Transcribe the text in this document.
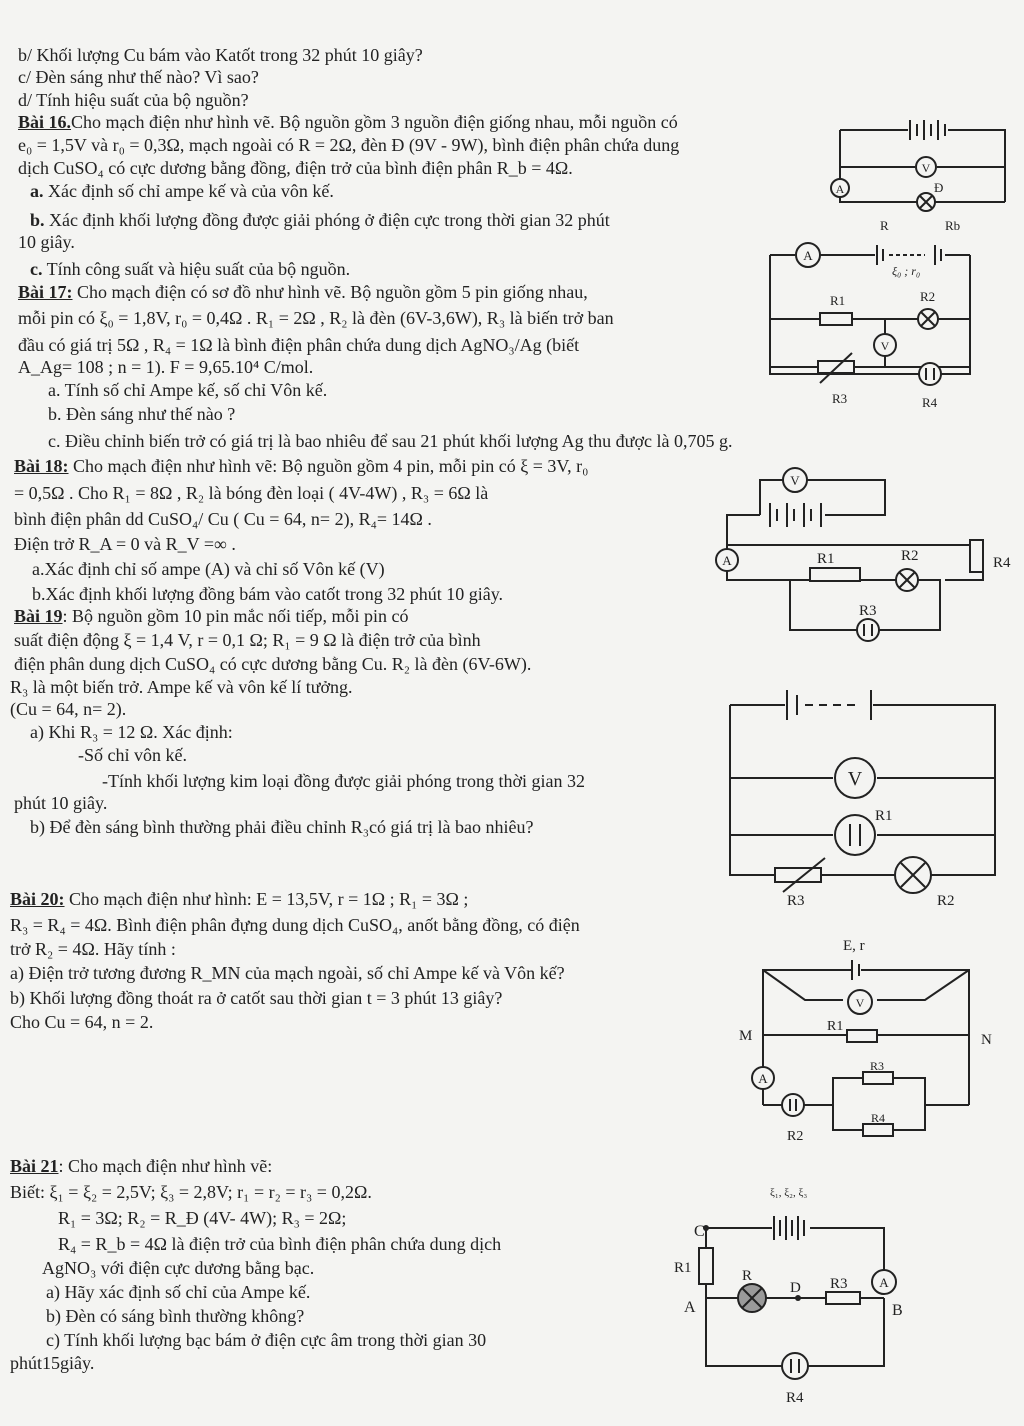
b/ Khối lượng Cu bám vào Katốt trong 32 phút 10 giây?
c/ Đèn sáng như thế nào? Vì sao?
d/ Tính hiệu suất của bộ nguồn?
Bài 16.Cho mạch điện như hình vẽ. Bộ nguồn gồm 3 nguồn điện giống nhau, mỗi nguồn có
e₀ = 1,5V và r₀ = 0,3Ω, mạch ngoài có R = 2Ω, đèn Đ (9V - 9W), bình điện phân chứa dung
dịch CuSO₄ có cực dương bằng đồng, điện trở của bình điện phân R_b = 4Ω.
a. Xác định số chỉ ampe kế và của vôn kế.
b. Xác định khối lượng đồng được giải phóng ở điện cực trong thời gian 32 phút
10 giây.
c. Tính công suất và hiệu suất của bộ nguồn.
V
A	Đ
R	Rb
Bài 17: Cho mạch điện có sơ đồ như hình vẽ. Bộ nguồn gồm 5 pin giống nhau,
mỗi pin có ξ₀ = 1,8V, r₀ = 0,4Ω . R₁ = 2Ω , R₂ là đèn (6V-3,6W), R₃ là biến trở ban
đầu có giá trị 5Ω , R₄ = 1Ω là bình điện phân chứa dung dịch AgNO₃/Ag (biết
A_Ag= 108 ; n = 1). F = 9,65.10⁴ C/mol.
a. Tính số chỉ Ampe kế, số chỉ Vôn kế.
b. Đèn sáng như thế nào ?
c. Điều chỉnh biến trở có giá trị là bao nhiêu để sau 21 phút khối lượng Ag thu được là 0,705 g.
A
ξ₀ ; r₀
R1	R2
V
R3	R4
Bài 18: Cho mạch điện như hình vẽ: Bộ nguồn gồm 4 pin, mỗi pin có ξ = 3V, r₀
= 0,5Ω . Cho R₁ = 8Ω , R₂ là bóng đèn loại ( 4V-4W) , R₃ = 6Ω là
bình điện phân dd CuSO₄/ Cu ( Cu = 64, n= 2), R₄= 14Ω .
Điện trở R_A = 0 và R_V =∞ .
a.Xác định chỉ số ampe (A) và chỉ số Vôn kế (V)
b.Xác định khối lượng đồng bám vào catốt trong 32 phút 10 giây.
V
A	R4
R1	R2
R3
Bài 19: Bộ nguồn gồm 10 pin mắc nối tiếp, mỗi pin có
suất điện động ξ = 1,4 V, r = 0,1 Ω; R₁ = 9 Ω là điện trở của bình
điện phân dung dịch CuSO₄ có cực dương bằng Cu. R₂ là đèn (6V-6W).
R₃ là một biến trở. Ampe kế và vôn kế lí tưởng.
(Cu = 64, n= 2).
a) Khi R₃ = 12 Ω. Xác định:
-Số chỉ vôn kế.
-Tính khối lượng kim loại đồng được giải phóng trong thời gian 32
phút 10 giây.
b) Để đèn sáng bình thường phải điều chỉnh R₃có giá trị là bao nhiêu?
V
R1
R3	R2
Bài 20: Cho mạch điện như hình: E = 13,5V, r = 1Ω ; R₁ = 3Ω ;
R₃ = R₄ = 4Ω. Bình điện phân đựng dung dịch CuSO₄, anốt bằng đồng, có điện
trở R₂ = 4Ω. Hãy tính :
a) Điện trở tương đương R_MN của mạch ngoài, số chỉ Ampe kế và Vôn kế?
b) Khối lượng đồng thoát ra ở catốt sau thời gian t = 3 phút 13 giây?
Cho Cu = 64, n = 2.
E, r
V
M	N
R1
A
R3
R4
R2
Bài 21: Cho mạch điện như hình vẽ:
Biết: ξ₁ = ξ₂ = 2,5V; ξ₃ = 2,8V; r₁ = r₂ = r₃ = 0,2Ω.
R₁ = 3Ω; R₂ = R_Đ (4V- 4W); R₃ = 2Ω;
R₄ = R_b = 4Ω là điện trở của bình điện phân chứa dung dịch
AgNO₃ với điện cực dương bằng bạc.
a) Hãy xác định số chỉ của Ampe kế.
b) Đèn có sáng bình thường không?
c) Tính khối lượng bạc bám ở điện cực âm trong thời gian 30
phút15giây.
ξ₁, ξ₂, ξ₃
C
R1
A
R
D R3 A
B
R4
